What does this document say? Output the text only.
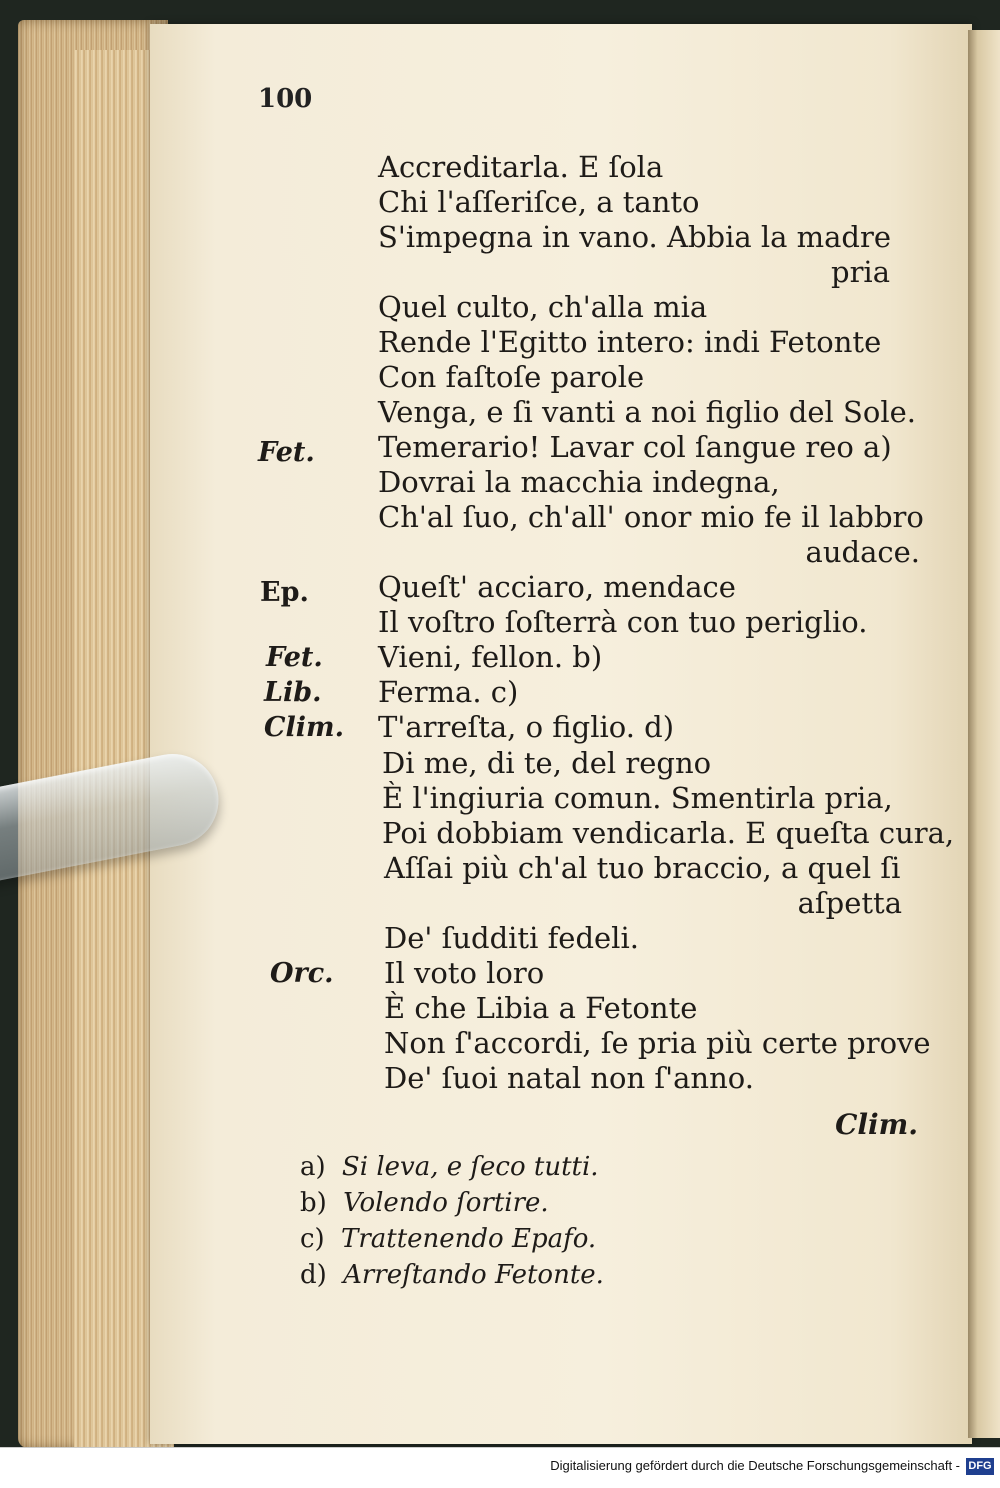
100
Fet.
Ep.
Fet.
Lib.
Clim.
Orc.
Accreditarla. E ſola
Chi l'aſſeriſce, a tanto
S'impegna in vano. Abbia la madre
pria
Quel culto, ch'alla mia
Rende l'Egitto intero: indi Fetonte
Con faſtoſe parole
Venga, e ſi vanti a noi figlio del Sole.
Temerario! Lavar col ſangue reo a)
Dovrai la macchia indegna,
Ch'al ſuo, ch'all' onor mio fe il labbro
audace.
Queſt' acciaro, mendace
Il voſtro ſoſterrà con tuo periglio.
Vieni, fellon. b)
Ferma. c)
T'arreſta, o figlio. d)
Di me, di te, del regno
È l'ingiuria comun. Smentirla pria,
Poi dobbiam vendicarla. E queſta cura,
Aſſai più ch'al tuo braccio, a quel ſi
aſpetta
De' ſudditi fedeli.
Il voto loro
È che Libia a Fetonte
Non ſ'accordi, ſe pria più certe prove
De' ſuoi natal non ſ'anno.
Clim.
a) Si leva, e ſeco tutti.
b) Volendo ſortire.
c) Trattenendo Epafo.
d) Arreſtando Fetonte.
Digitalisierung gefördert durch die Deutsche Forschungsgemeinschaft - DFG
